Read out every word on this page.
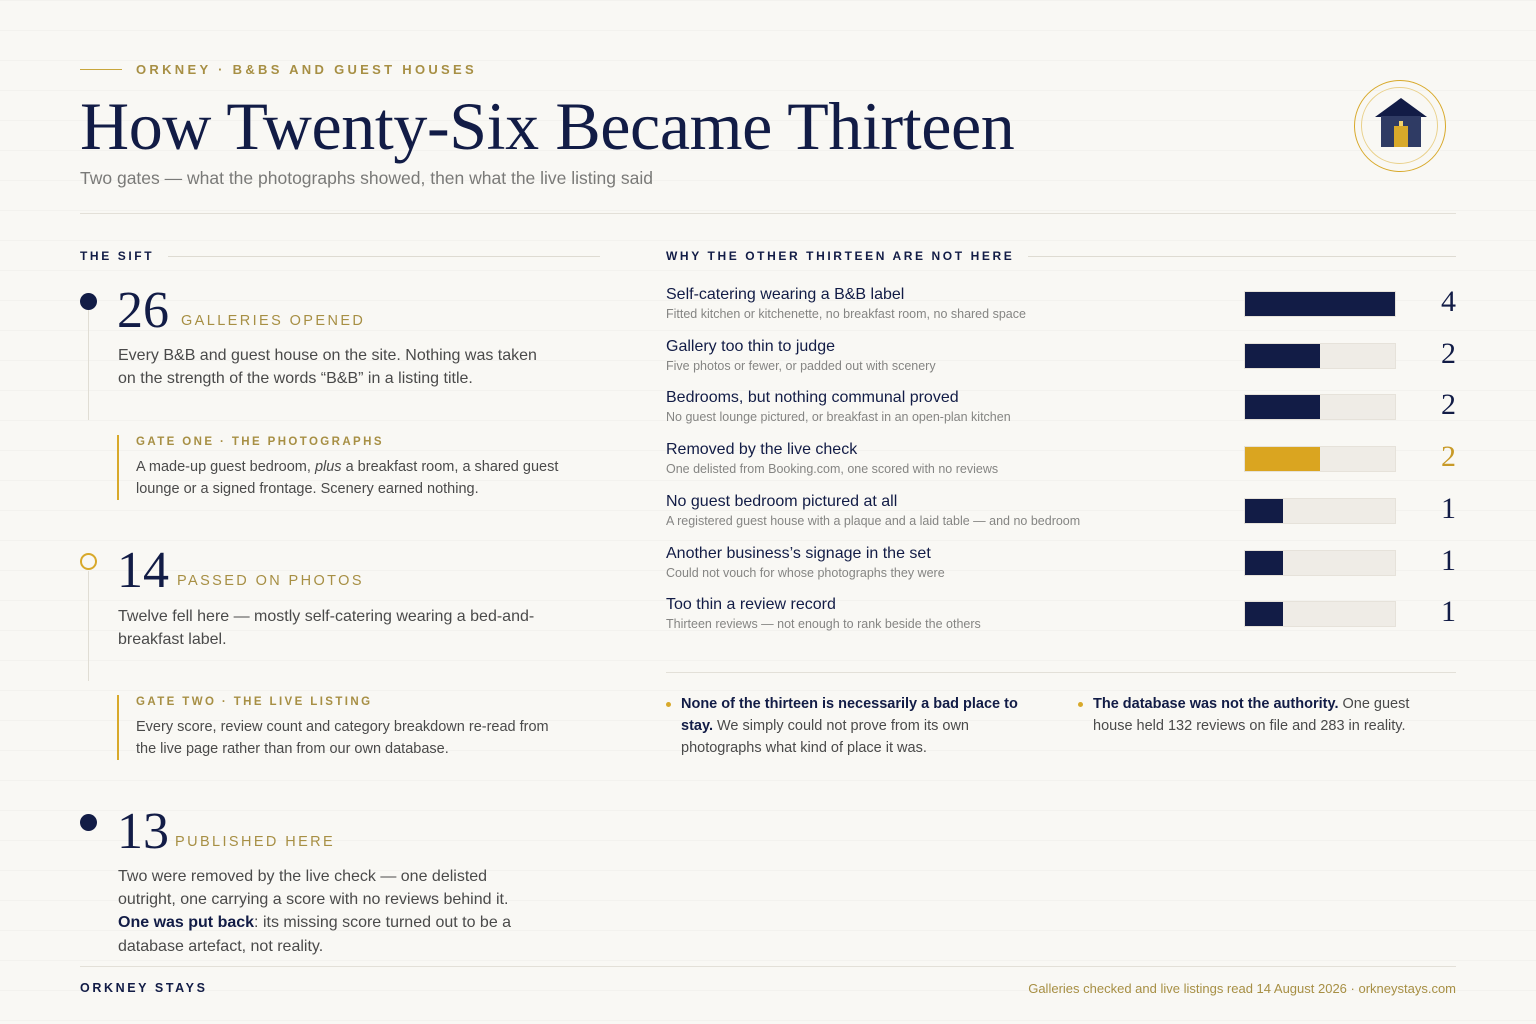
ORKNEY · B&BS AND GUEST HOUSES
How Twenty-Six Became Thirteen
Two gates — what the photographs showed, then what the live listing said
THE SIFT
26 GALLERIES OPENED
Every B&B and guest house on the site. Nothing was taken on the strength of the words “B&B” in a listing title.
GATE ONE · THE PHOTOGRAPHS
A made-up guest bedroom, plus a breakfast room, a shared guest lounge or a signed frontage. Scenery earned nothing.
14 PASSED ON PHOTOS
Twelve fell here — mostly self-catering wearing a bed-and-breakfast label.
GATE TWO · THE LIVE LISTING
Every score, review count and category breakdown re-read from the live page rather than from our own database.
13 PUBLISHED HERE
Two were removed by the live check — one delisted outright, one carrying a score with no reviews behind it. One was put back: its missing score turned out to be a database artefact, not reality.
WHY THE OTHER THIRTEEN ARE NOT HERE
Self-catering wearing a B&B label
Fitted kitchen or kitchenette, no breakfast room, no shared space	4
Gallery too thin to judge
Five photos or fewer, or padded out with scenery	2
Bedrooms, but nothing communal proved
No guest lounge pictured, or breakfast in an open-plan kitchen	2
Removed by the live check
One delisted from Booking.com, one scored with no reviews	2
No guest bedroom pictured at all
A registered guest house with a plaque and a laid table — and no bedroom	1
Another business’s signage in the set
Could not vouch for whose photographs they were	1
Too thin a review record
Thirteen reviews — not enough to rank beside the others	1
None of the thirteen is necessarily a bad place to stay. We simply could not prove from its own photographs what kind of place it was.
The database was not the authority. One guest house held 132 reviews on file and 283 in reality.
ORKNEY STAYS	Galleries checked and live listings read 14 August 2026 · orkneystays.com
